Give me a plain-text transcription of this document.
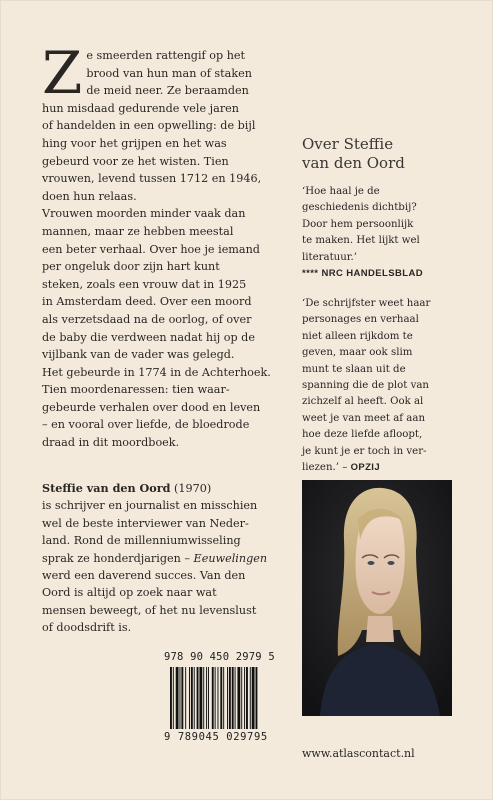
Z e smeerden rattengif op het
brood van hun man of staken
de meid neer. Ze beraamden
hun misdaad gedurende vele jaren
of handelden in een opwelling: de bijl
hing voor het grijpen en het was
gebeurd voor ze het wisten. Tien
vrouwen, levend tussen 1712 en 1946,
doen hun relaas.
Vrouwen moorden minder vaak dan
mannen, maar ze hebben meestal
een beter verhaal. Over hoe je iemand
per ongeluk door zijn hart kunt
steken, zoals een vrouw dat in 1925
in Amsterdam deed. Over een moord
als verzetsdaad na de oorlog, of over
de baby die verdween nadat hij op de
vijlbank van de vader was gelegd.
Het gebeurde in 1774 in de Achterhoek.
Tien moordenaressen: tien waar-
gebeurde verhalen over dood en leven
– en vooral over liefde, de bloedrode
draad in dit moordboek.
Steffie van den Oord (1970)
is schrijver en journalist en misschien
wel de beste interviewer van Neder-
land. Rond de millenniumwisseling
sprak ze honderdjarigen – Eeuwelingen
werd een daverend succes. Van den
Oord is altijd op zoek naar wat
mensen beweegt, of het nu levenslust
of doodsdrift is.
Over Steffie
van den Oord
‘Hoe haal je de
geschiedenis dichtbij?
Door hem persoonlijk
te maken. Het lijkt wel
literatuur.’
**** NRC HANDELSBLAD
‘De schrijfster weet haar
personages en verhaal
niet alleen rijkdom te
geven, maar ook slim
munt te slaan uit de
spanning die de plot van
zichzelf al heeft. Ook al
weet je van meet af aan
hoe deze liefde afloopt,
je kunt je er toch in ver-
liezen.’ – OPZIJ
978 90 450 2979 5
9 789045 029795
www.atlascontact.nl
